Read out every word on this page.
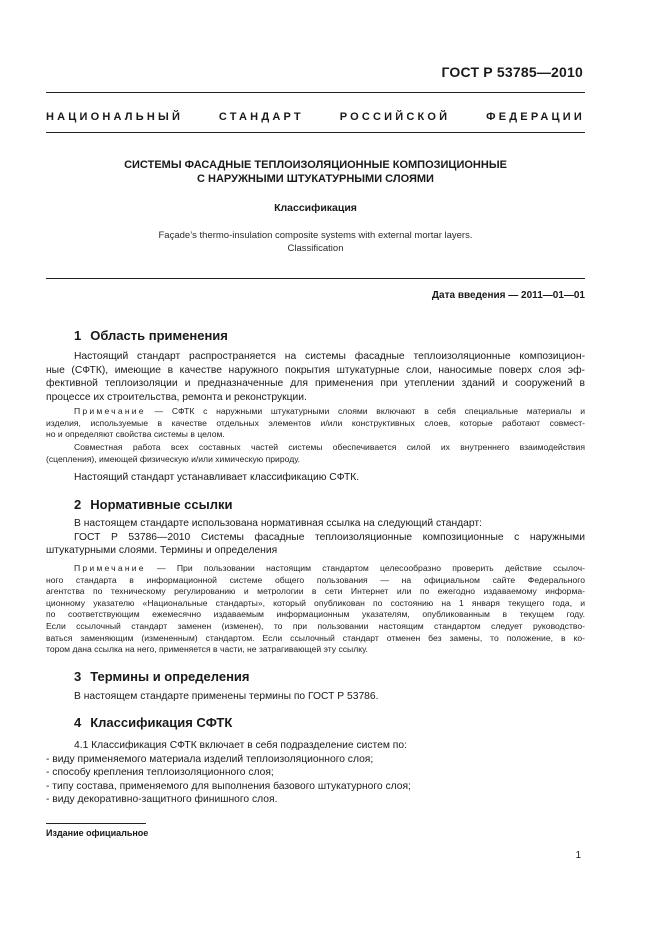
ГОСТ Р 53785—2010
НАЦИОНАЛЬНЫЙ СТАНДАРТ РОССИЙСКОЙ ФЕДЕРАЦИИ
СИСТЕМЫ ФАСАДНЫЕ ТЕПЛОИЗОЛЯЦИОННЫЕ КОМПОЗИЦИОННЫЕ
С НАРУЖНЫМИ ШТУКАТУРНЫМИ СЛОЯМИ
Классификация
Façade’s thermo-insulation composite systems with external mortar layers.
Classification
Дата введения — 2011—01—01
1 Область применения
Настоящий стандарт распространяется на системы фасадные теплоизоляционные композицион-
ные (СФТК), имеющие в качестве наружного покрытия штукатурные слои, наносимые поверх слоя эф-
фективной теплоизоляции и предназначенные для применения при утеплении зданий и сооружений в
процессе их строительства, ремонта и реконструкции.
Примечание — СФТК с наружными штукатурными слоями включают в себя специальные материалы и
изделия, используемые в качестве отдельных элементов и/или конструктивных слоев, которые работают совмест-
но и определяют свойства системы в целом.
Совместная работа всех составных частей системы обеспечивается силой их внутреннего взаимодействия
(сцепления), имеющей физическую и/или химическую природу.
Настоящий стандарт устанавливает классификацию СФТК.
2 Нормативные ссылки
В настоящем стандарте использована нормативная ссылка на следующий стандарт:
ГОСТ Р 53786—2010 Системы фасадные теплоизоляционные композиционные с наружными
штукатурными слоями. Термины и определения
Примечание — При пользовании настоящим стандартом целесообразно проверить действие ссылоч-
ного стандарта в информационной системе общего пользования — на официальном сайте Федерального
агентства по техническому регулированию и метрологии в сети Интернет или по ежегодно издаваемому информа-
ционному указателю «Национальные стандарты», который опубликован по состоянию на 1 января текущего года, и
по соответствующим ежемесячно издаваемым информационным указателям, опубликованным в текущем году.
Если ссылочный стандарт заменен (изменен), то при пользовании настоящим стандартом следует руководство-
ваться заменяющим (измененным) стандартом. Если ссылочный стандарт отменен без замены, то положение, в ко-
тором дана ссылка на него, применяется в части, не затрагивающей эту ссылку.
3 Термины и определения
В настоящем стандарте применены термины по ГОСТ Р 53786.
4 Классификация СФТК
4.1 Классификация СФТК включает в себя подразделение систем по:
- виду применяемого материала изделий теплоизоляционного слоя;
- способу крепления теплоизоляционного слоя;
- типу состава, применяемого для выполнения базового штукатурного слоя;
- виду декоративно-защитного финишного слоя.
Издание официальное
1
